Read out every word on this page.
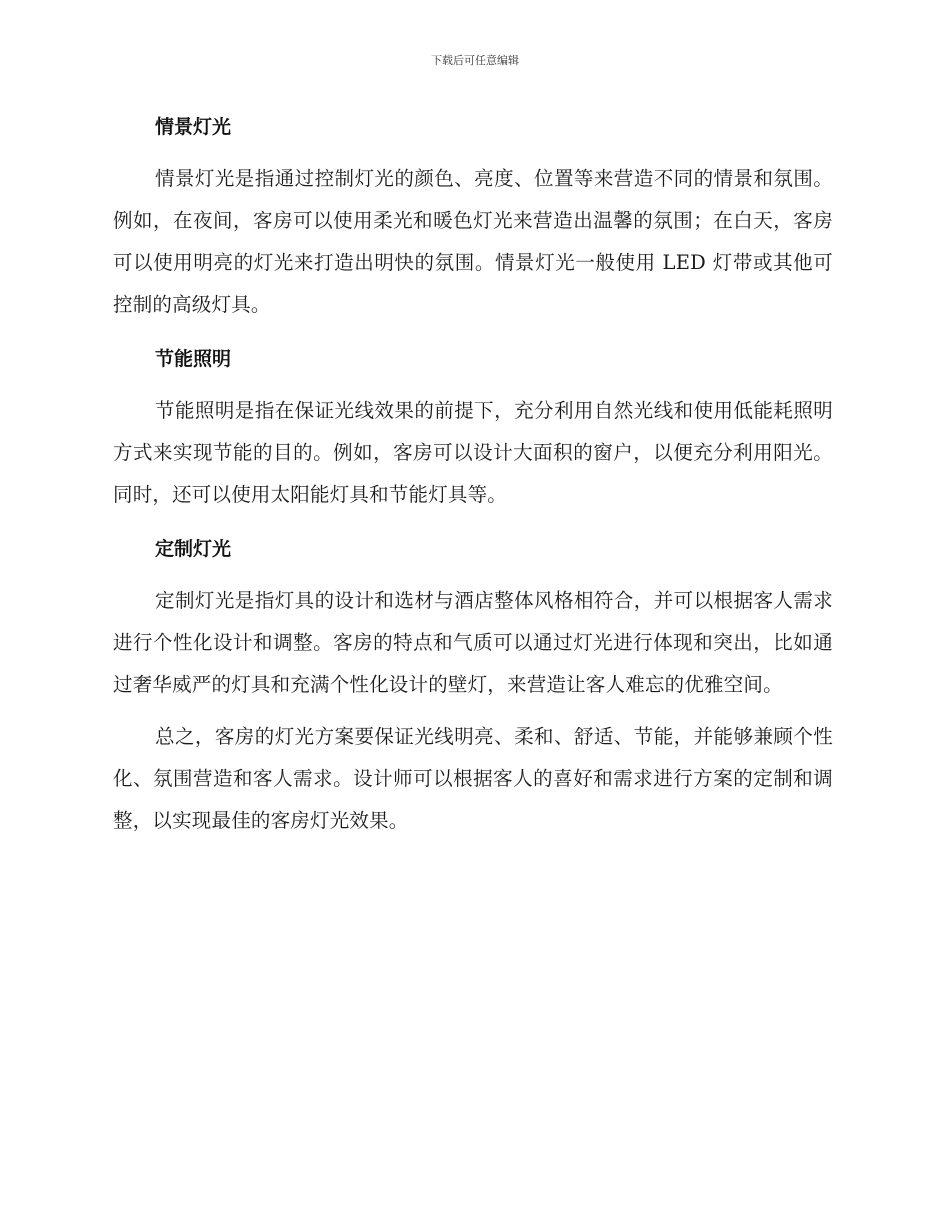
下载后可任意编辑
情景灯光

情景灯光是指通过控制灯光的颜色、亮度、位置等来营造不同的情景和氛围。例如，在夜间，客房可以使用柔光和暖色灯光来营造出温馨的氛围；在白天，客房可以使用明亮的灯光来打造出明快的氛围。情景灯光一般使用 LED 灯带或其他可控制的高级灯具。

节能照明

节能照明是指在保证光线效果的前提下，充分利用自然光线和使用低能耗照明方式来实现节能的目的。例如，客房可以设计大面积的窗户，以便充分利用阳光。同时，还可以使用太阳能灯具和节能灯具等。

定制灯光

定制灯光是指灯具的设计和选材与酒店整体风格相符合，并可以根据客人需求进行个性化设计和调整。客房的特点和气质可以通过灯光进行体现和突出，比如通过奢华威严的灯具和充满个性化设计的壁灯，来营造让客人难忘的优雅空间。

总之，客房的灯光方案要保证光线明亮、柔和、舒适、节能，并能够兼顾个性化、氛围营造和客人需求。设计师可以根据客人的喜好和需求进行方案的定制和调整，以实现最佳的客房灯光效果。
